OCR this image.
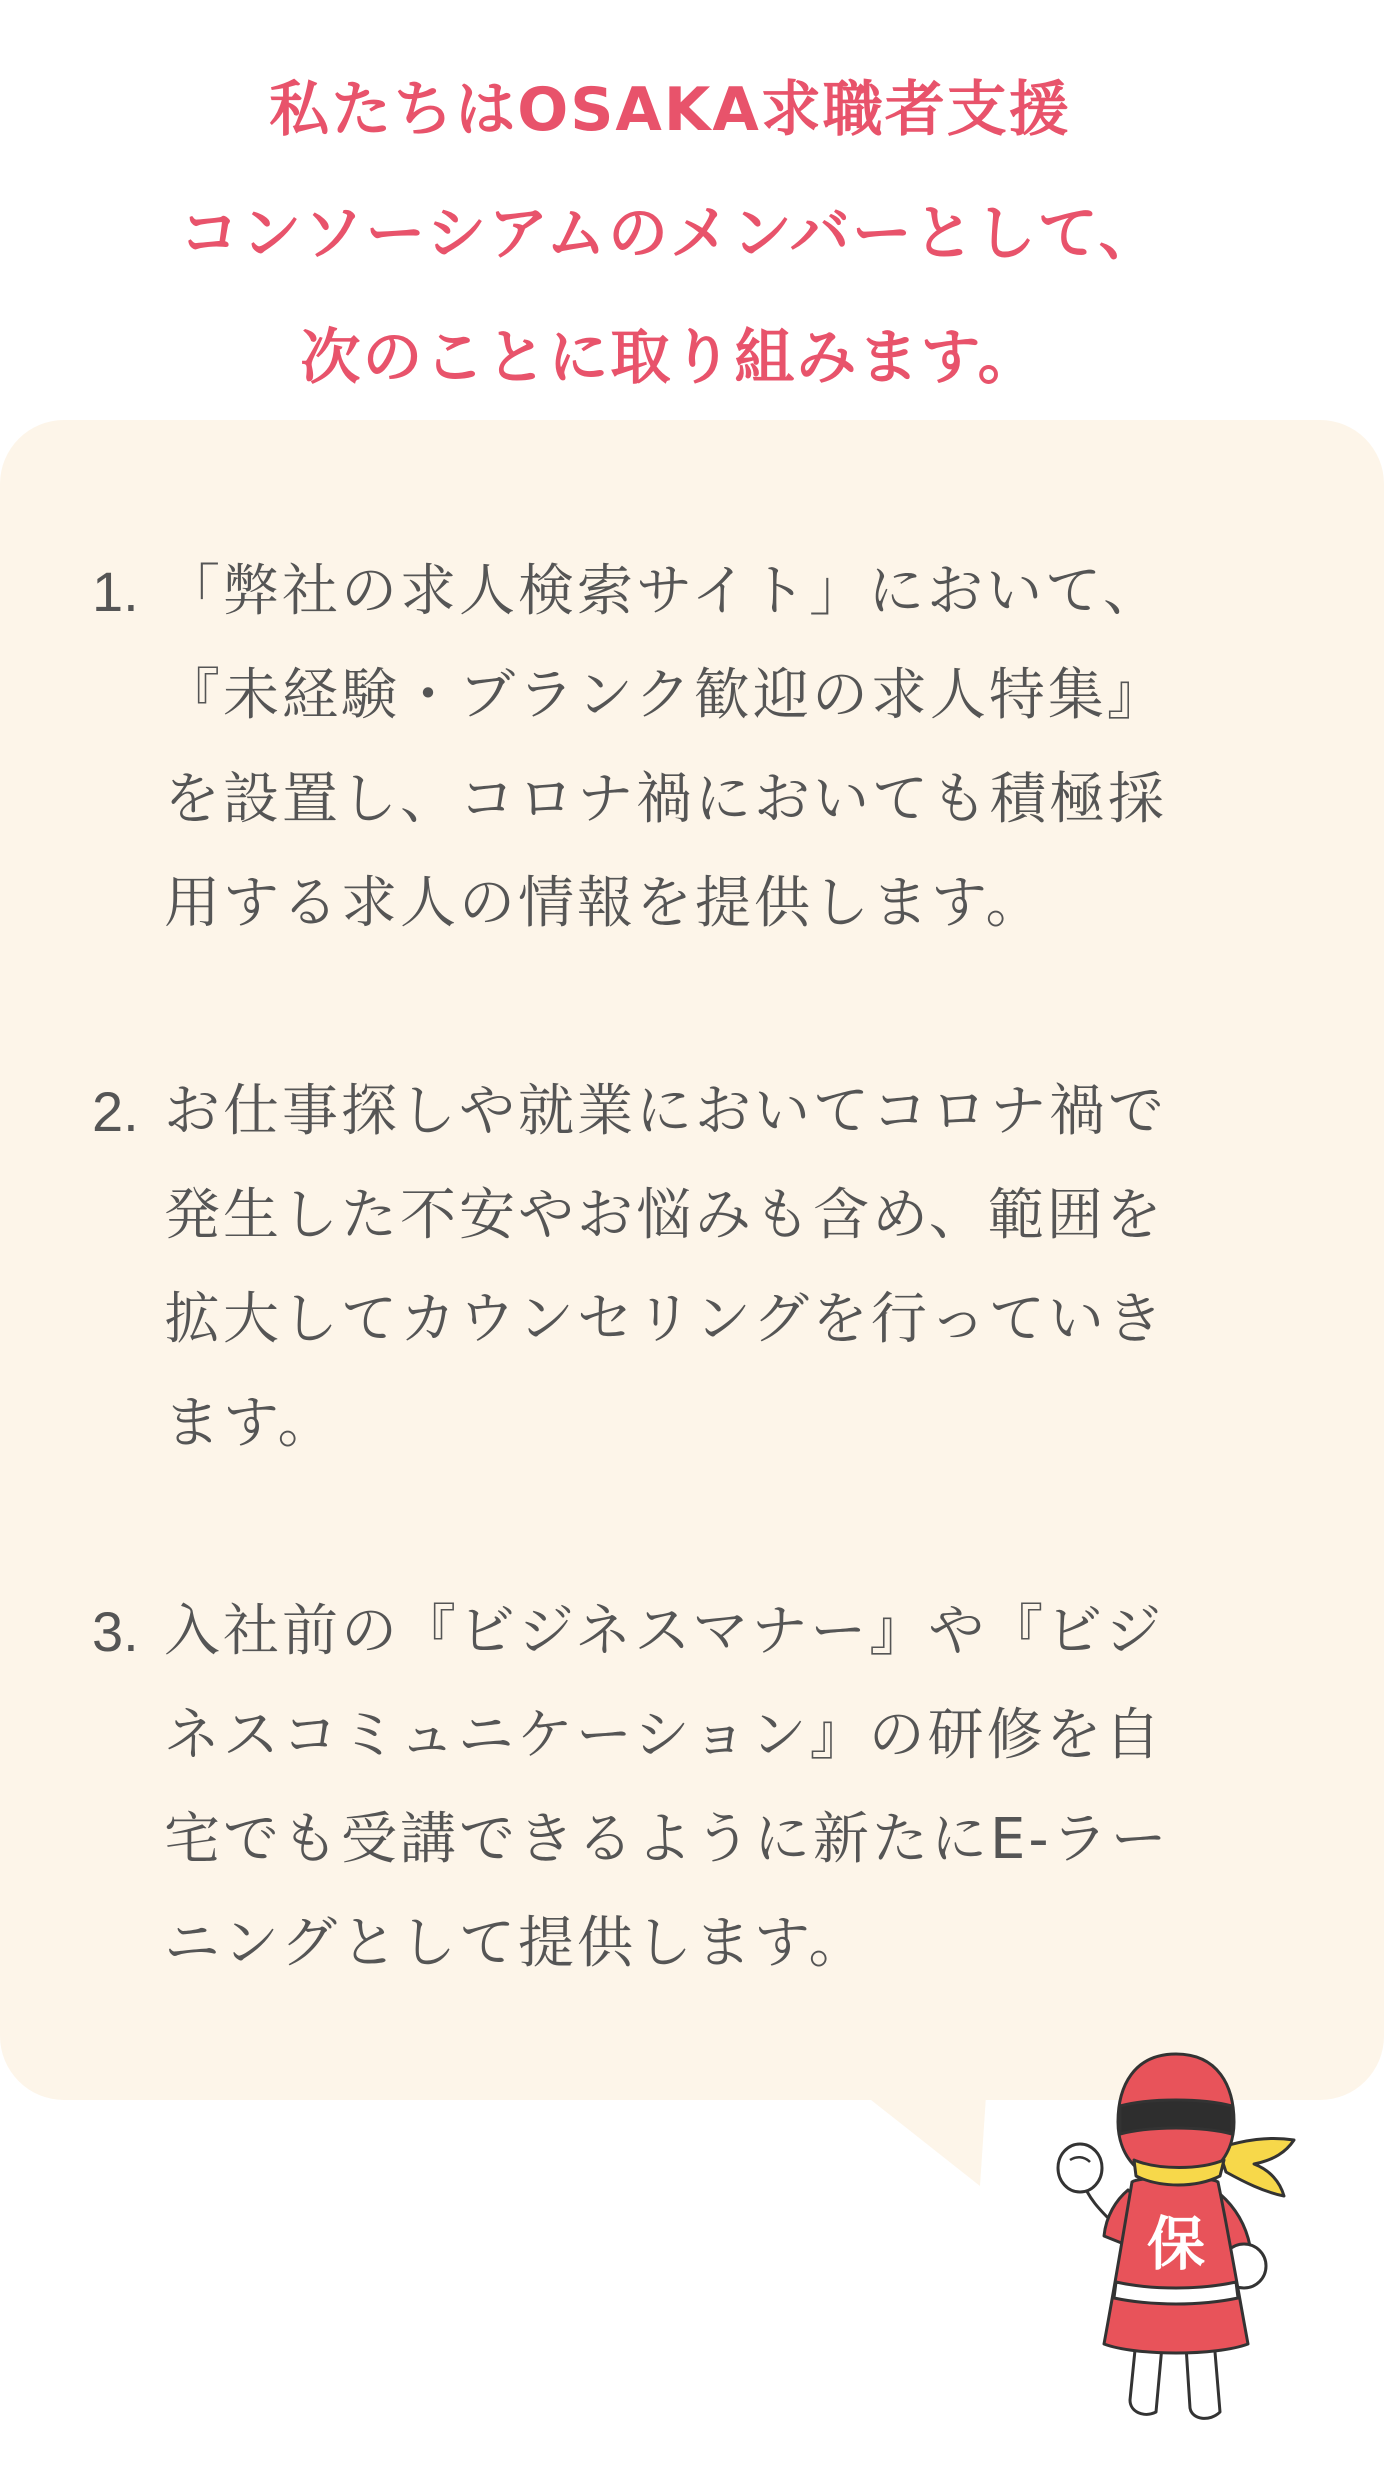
私たちはOSAKA求職者支援
コンソーシアムのメンバーとして、
次のことに取り組みます。
1. 「弊社の求人検索サイト」において、
『未経験・ブランク歓迎の求人特集』
を設置し、コロナ禍においても積極採
用する求人の情報を提供します。
2. お仕事探しや就業においてコロナ禍で
発生した不安やお悩みも含め、範囲を
拡大してカウンセリングを行っていき
ます。
3. 入社前の『ビジネスマナー』や『ビジ
ネスコミュニケーション』の研修を自
宅でも受講できるように新たにE-ラー
ニングとして提供します。
保
